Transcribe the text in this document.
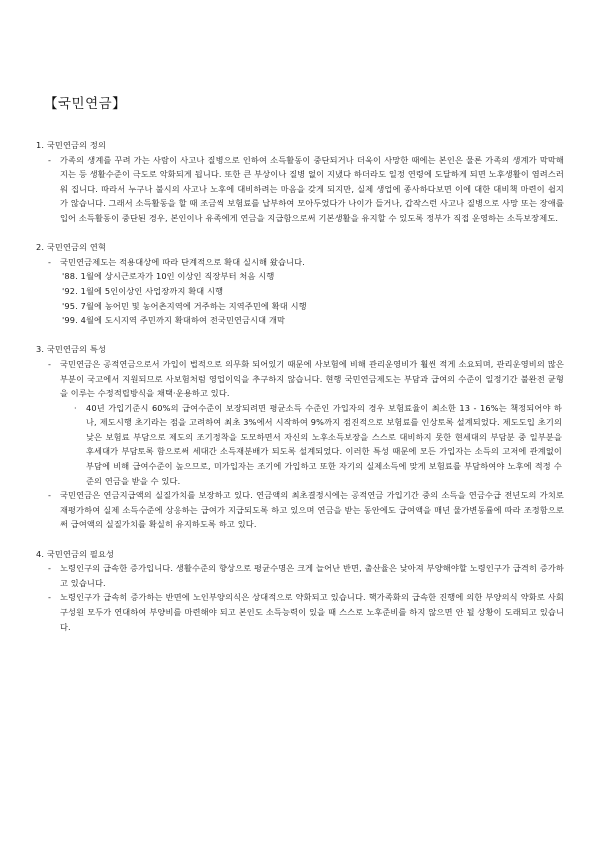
【국민연금】
1. 국민연금의 정의
- 가족의 생계를 꾸려 가는 사람이 사고나 질병으로 인하여 소득활동이 중단되거나 더욱이 사망한 때에는 본인은 물론 가족의 생계가 막막해지는 등 생활수준이 극도로 악화되게 됩니다. 또한 큰 부상이나 질병 없이 지냈다 하더라도 일정 연령에 도달하게 되면 노후생활이 염려스러워 집니다. 따라서 누구나 불시의 사고나 노후에 대비하려는 마음을 갖게 되지만, 실제 생업에 종사하다보면 이에 대한 대비책 마련이 쉽지가 않습니다. 그래서 소득활동을 할 때 조금씩 보험료를 납부하여 모아두었다가 나이가 들거나, 갑작스런 사고나 질병으로 사망 또는 장애를 입어 소득활동이 중단된 경우, 본인이나 유족에게 연금을 지급함으로써 기본생활을 유지할 수 있도록 정부가 직접 운영하는 소득보장제도.
2. 국민연금의 연혁
- 국민연금제도는 적용대상에 따라 단계적으로 확대 실시해 왔습니다.
'88. 1월에 상시근로자가 10인 이상인 직장부터 처음 시행
'92. 1월에 5인이상인 사업장까지 확대 시행
'95. 7월에 농어민 및 농어촌지역에 거주하는 지역주민에 확대 시행
'99. 4월에 도시지역 주민까지 확대하여 전국민연금시대 개막
3. 국민연금의 특성
- 국민연금은 공적연금으로서 가입이 법적으로 의무화 되어있기 때문에 사보험에 비해 관리운영비가 훨씬 적게 소요되며, 관리운영비의 많은 부분이 국고에서 지원되므로 사보험처럼 영업이익을 추구하지 않습니다. 현행 국민연금제도는 부담과 급여의 수준이 일정기간 불완전 균형을 이루는 수정적립방식을 채택·운용하고 있다.
· 40년 가입기준시 60%의 급여수준이 보장되려면 평균소득 수준인 가입자의 경우 보험료율이 최소한 13 - 16%는 책정되어야 하나, 제도시행 초기라는 점을 고려하여 최초 3%에서 시작하여 9%까지 점진적으로 보험료를 인상토록 설계되었다. 제도도입 초기의 낮은 보험료 부담으로 제도의 조기정착을 도모하면서 자신의 노후소득보장을 스스로 대비하지 못한 현세대의 부담분 중 일부분을 후세대가 부담토록 함으로써 세대간 소득재분배가 되도록 설계되었다. 이러한 특성 때문에 모든 가입자는 소득의 고저에 관계없이 부담에 비해 급여수준이 높으므로, 미가입자는 조기에 가입하고 또한 자기의 실제소득에 맞게 보험료를 부담하여야 노후에 적정 수준의 연금을 받을 수 있다.
- 국민연금은 연금지급액의 실질가치를 보장하고 있다. 연금액의 최초결정시에는 공적연금 가입기간 중의 소득을 연금수급 전년도의 가치로 재평가하여 실제 소득수준에 상응하는 급여가 지급되도록 하고 있으며 연금을 받는 동안에도 급여액을 매년 물가변동률에 따라 조정함으로써 급여액의 실질가치를 확실히 유지하도록 하고 있다.
4. 국민연금의 필요성
- 노령인구의 급속한 증가입니다. 생활수준의 향상으로 평균수명은 크게 늘어난 반면, 출산율은 낮아져 부양해야할 노령인구가 급격히 증가하고 있습니다.
- 노령인구가 급속히 증가하는 반면에 노인부양의식은 상대적으로 약화되고 있습니다. 핵가족화의 급속한 진행에 의한 부양의식 약화로 사회구성원 모두가 연대하여 부양비를 마련해야 되고 본인도 소득능력이 있을 때 스스로 노후준비를 하지 않으면 안 될 상황이 도래되고 있습니다.
